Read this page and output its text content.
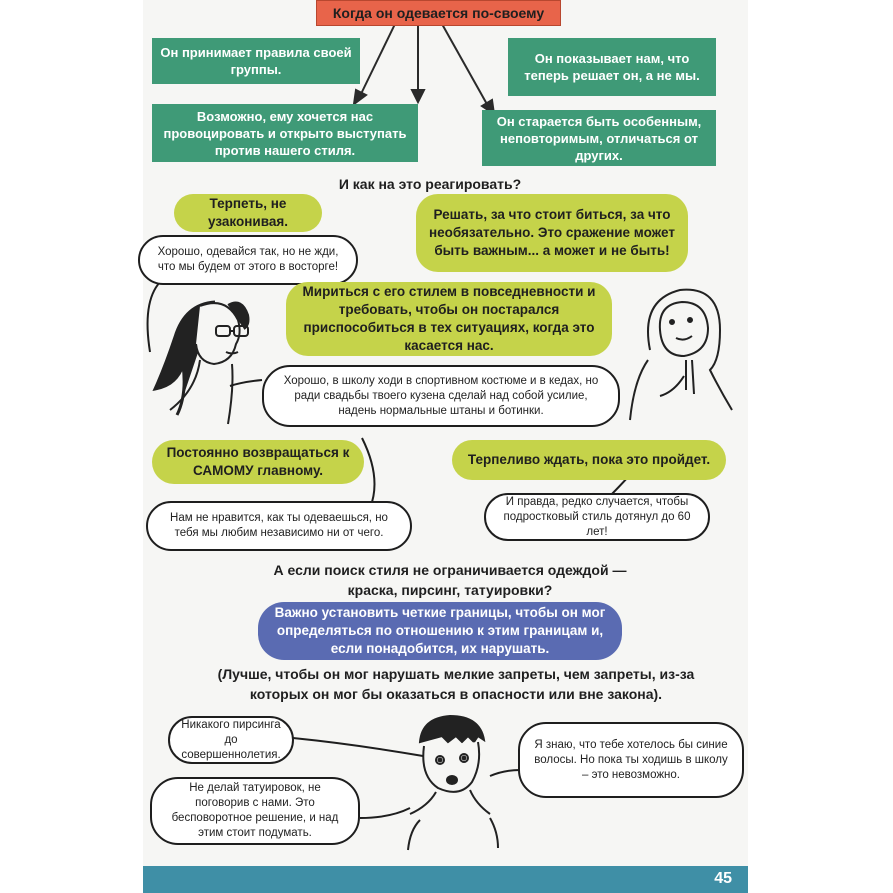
Когда он одевается по-своему
Он принимает правила своей группы.
Он показывает нам, что теперь решает он, а не мы.
Возможно, ему хочется нас провоцировать и открыто выступать против нашего стиля.
Он старается быть особенным, неповторимым, отличаться от других.
И как на это реагировать?
Терпеть, не узаконивая.	Решать, за что стоит биться, за что необязательно. Это сражение может быть важным... а может и не быть!
Хорошо, одевайся так, но не жди, что мы будем от этого в восторге!
Мириться с его стилем в повседневности и требовать, чтобы он постарался приспособиться в тех ситуациях, когда это касается нас.
Хорошо, в школу ходи в спортивном костюме и в кедах, но ради свадьбы твоего кузена сделай над собой усилие, надень нормальные штаны и ботинки.
Постоянно возвращаться к САМОМУ главному.
Терпеливо ждать, пока это пройдет.
Нам не нравится, как ты одеваешься, но тебя мы любим независимо ни от чего.
И правда, редко случается, чтобы подростковый стиль дотянул до 60 лет!
А если поиск стиля не ограничивается одеждой — краска, пирсинг, татуировки?
Важно установить четкие границы, чтобы он мог определяться по отношению к этим границам и, если понадобится, их нарушать.
(Лучше, чтобы он мог нарушать мелкие запреты, чем запреты, из-за которых он мог бы оказаться в опасности или вне закона).
Никакого пирсинга до совершеннолетия.
Я знаю, что тебе хотелось бы синие волосы. Но пока ты ходишь в школу – это невозможно.
Не делай татуировок, не поговорив с нами. Это бесповоротное решение, и над этим стоит подумать.
45
